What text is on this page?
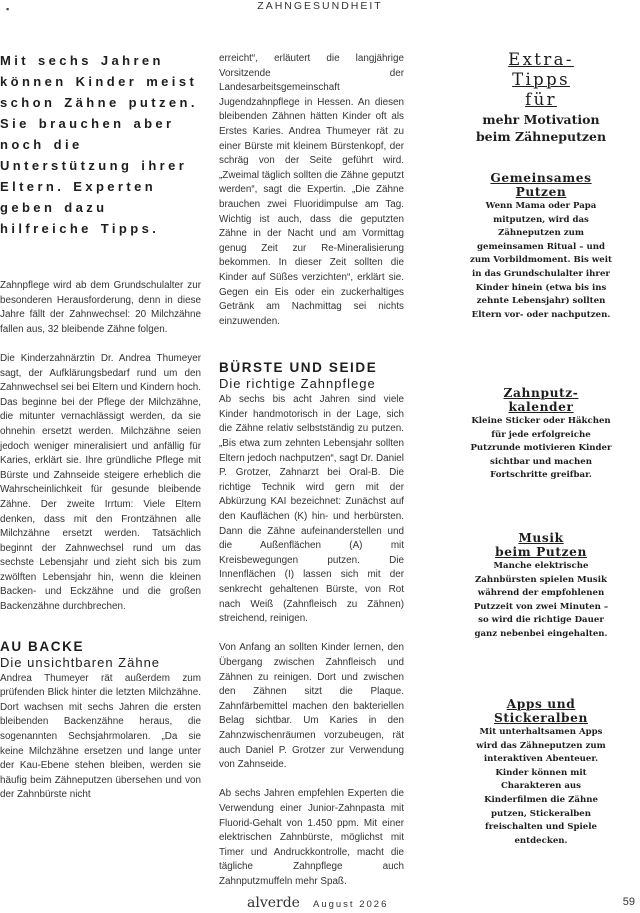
▪	ZAHNGESUNDHEIT

Mit sechs Jahren können Kinder meist schon Zähne putzen. Sie brauchen aber noch die Unterstützung ihrer Eltern. Experten geben dazu hilfreiche Tipps.

Zahnpflege wird ab dem Grundschulalter zur besonderen Herausforderung, denn in diese Jahre fällt der Zahnwechsel: 20 Milchzähne fallen aus, 32 bleibende Zähne folgen.

Die Kinderzahnärztin Dr. Andrea Thumeyer sagt, der Aufklärungsbedarf rund um den Zahnwechsel sei bei Eltern und Kindern hoch. Das beginne bei der Pflege der Milchzähne, die mitunter vernachlässigt werden, da sie ohnehin ersetzt werden. Milchzähne seien jedoch weniger mineralisiert und anfällig für Karies, erklärt sie. Ihre gründliche Pflege mit Bürste und Zahnseide steigere erheblich die Wahrscheinlichkeit für gesunde bleibende Zähne. Der zweite Irrtum: Viele Eltern denken, dass mit den Frontzähnen alle Milchzähne ersetzt werden. Tatsächlich beginnt der Zahnwechsel rund um das sechste Lebensjahr und zieht sich bis zum zwölften Lebensjahr hin, wenn die kleinen Backen- und Eckzähne und die großen Backenzähne durchbrechen.

AU BACKE

Die unsichtbaren Zähne

Andrea Thumeyer rät außerdem zum prüfenden Blick hinter die letzten Milchzähne. Dort wachsen mit sechs Jahren die ersten bleibenden Backenzähne heraus, die sogenannten Sechsjahrmolaren. „Da sie keine Milchzähne ersetzen und lange unter der Kau-Ebene stehen bleiben, werden sie häufig beim Zähneputzen übersehen und von der Zahnbürste nicht

erreicht“, erläutert die langjährige Vorsitzende der Landesarbeitsgemeinschaft Jugendzahnpflege in Hessen. An diesen bleibenden Zähnen hätten Kinder oft als Erstes Karies. Andrea Thumeyer rät zu einer Bürste mit kleinem Bürstenkopf, der schräg von der Seite geführt wird. „Zweimal täglich sollten die Zähne geputzt werden“, sagt die Expertin. „Die Zähne brauchen zwei Fluoridimpulse am Tag. Wichtig ist auch, dass die geputzten Zähne in der Nacht und am Vormittag genug Zeit zur Re-Mineralisierung bekommen. In dieser Zeit sollten die Kinder auf Süßes verzichten“, erklärt sie. Gegen ein Eis oder ein zuckerhaltiges Getränk am Nachmittag sei nichts einzuwenden.

BÜRSTE UND SEIDE

Die richtige Zahnpflege

Ab sechs bis acht Jahren sind viele Kinder handmotorisch in der Lage, sich die Zähne relativ selbstständig zu putzen. „Bis etwa zum zehnten Lebensjahr sollten Eltern jedoch nachputzen“, sagt Dr. Daniel P. Grotzer, Zahnarzt bei Oral-B. Die richtige Technik wird gern mit der Abkürzung KAI bezeichnet: Zunächst auf den Kauflächen (K) hin- und herbürsten. Dann die Zähne aufeinanderstellen und die Außenflächen (A) mit Kreisbewegungen putzen. Die Innenflächen (I) lassen sich mit der senkrecht gehaltenen Bürste, von Rot nach Weiß (Zahnfleisch zu Zähnen) streichend, reinigen.

Von Anfang an sollten Kinder lernen, den Übergang zwischen Zahnfleisch und Zähnen zu reinigen. Dort und zwischen den Zähnen sitzt die Plaque. Zahnfärbemittel machen den bakteriellen Belag sichtbar. Um Karies in den Zahnzwischenräumen vorzubeugen, rät auch Daniel P. Grotzer zur Verwendung von Zahnseide.

Ab sechs Jahren empfehlen Experten die Verwendung einer Junior-Zahnpasta mit Fluorid-Gehalt von 1.450 ppm. Mit einer elektrischen Zahnbürste, möglichst mit Timer und Andruckkontrolle, macht die tägliche Zahnpflege auch Zahnputzmuffeln mehr Spaß.

Extra-
Tipps
für

mehr Motivation
beim Zähneputzen

Gemeinsames
Putzen

Wenn Mama oder Papa mitputzen, wird das Zähneputzen zum gemeinsamen Ritual – und zum Vorbildmoment. Bis weit in das Grundschulalter ihrer Kinder hinein (etwa bis ins zehnte Lebensjahr) sollten Eltern vor- oder nachputzen.

Zahnputz-
kalender

Kleine Sticker oder Häkchen für jede erfolgreiche Putzrunde motivieren Kinder sichtbar und machen Fortschritte greifbar.

Musik
beim Putzen

Manche elektrische Zahnbürsten spielen Musik während der empfohlenen Putzzeit von zwei Minuten – so wird die richtige Dauer ganz nebenbei eingehalten.

Apps und
Stickeralben

Mit unterhaltsamen Apps wird das Zähneputzen zum interaktiven Abenteuer. Kinder können mit Charakteren aus Kinderfilmen die Zähne putzen, Stickeralben freischalten und Spiele entdecken.

alverde August 2026	59
